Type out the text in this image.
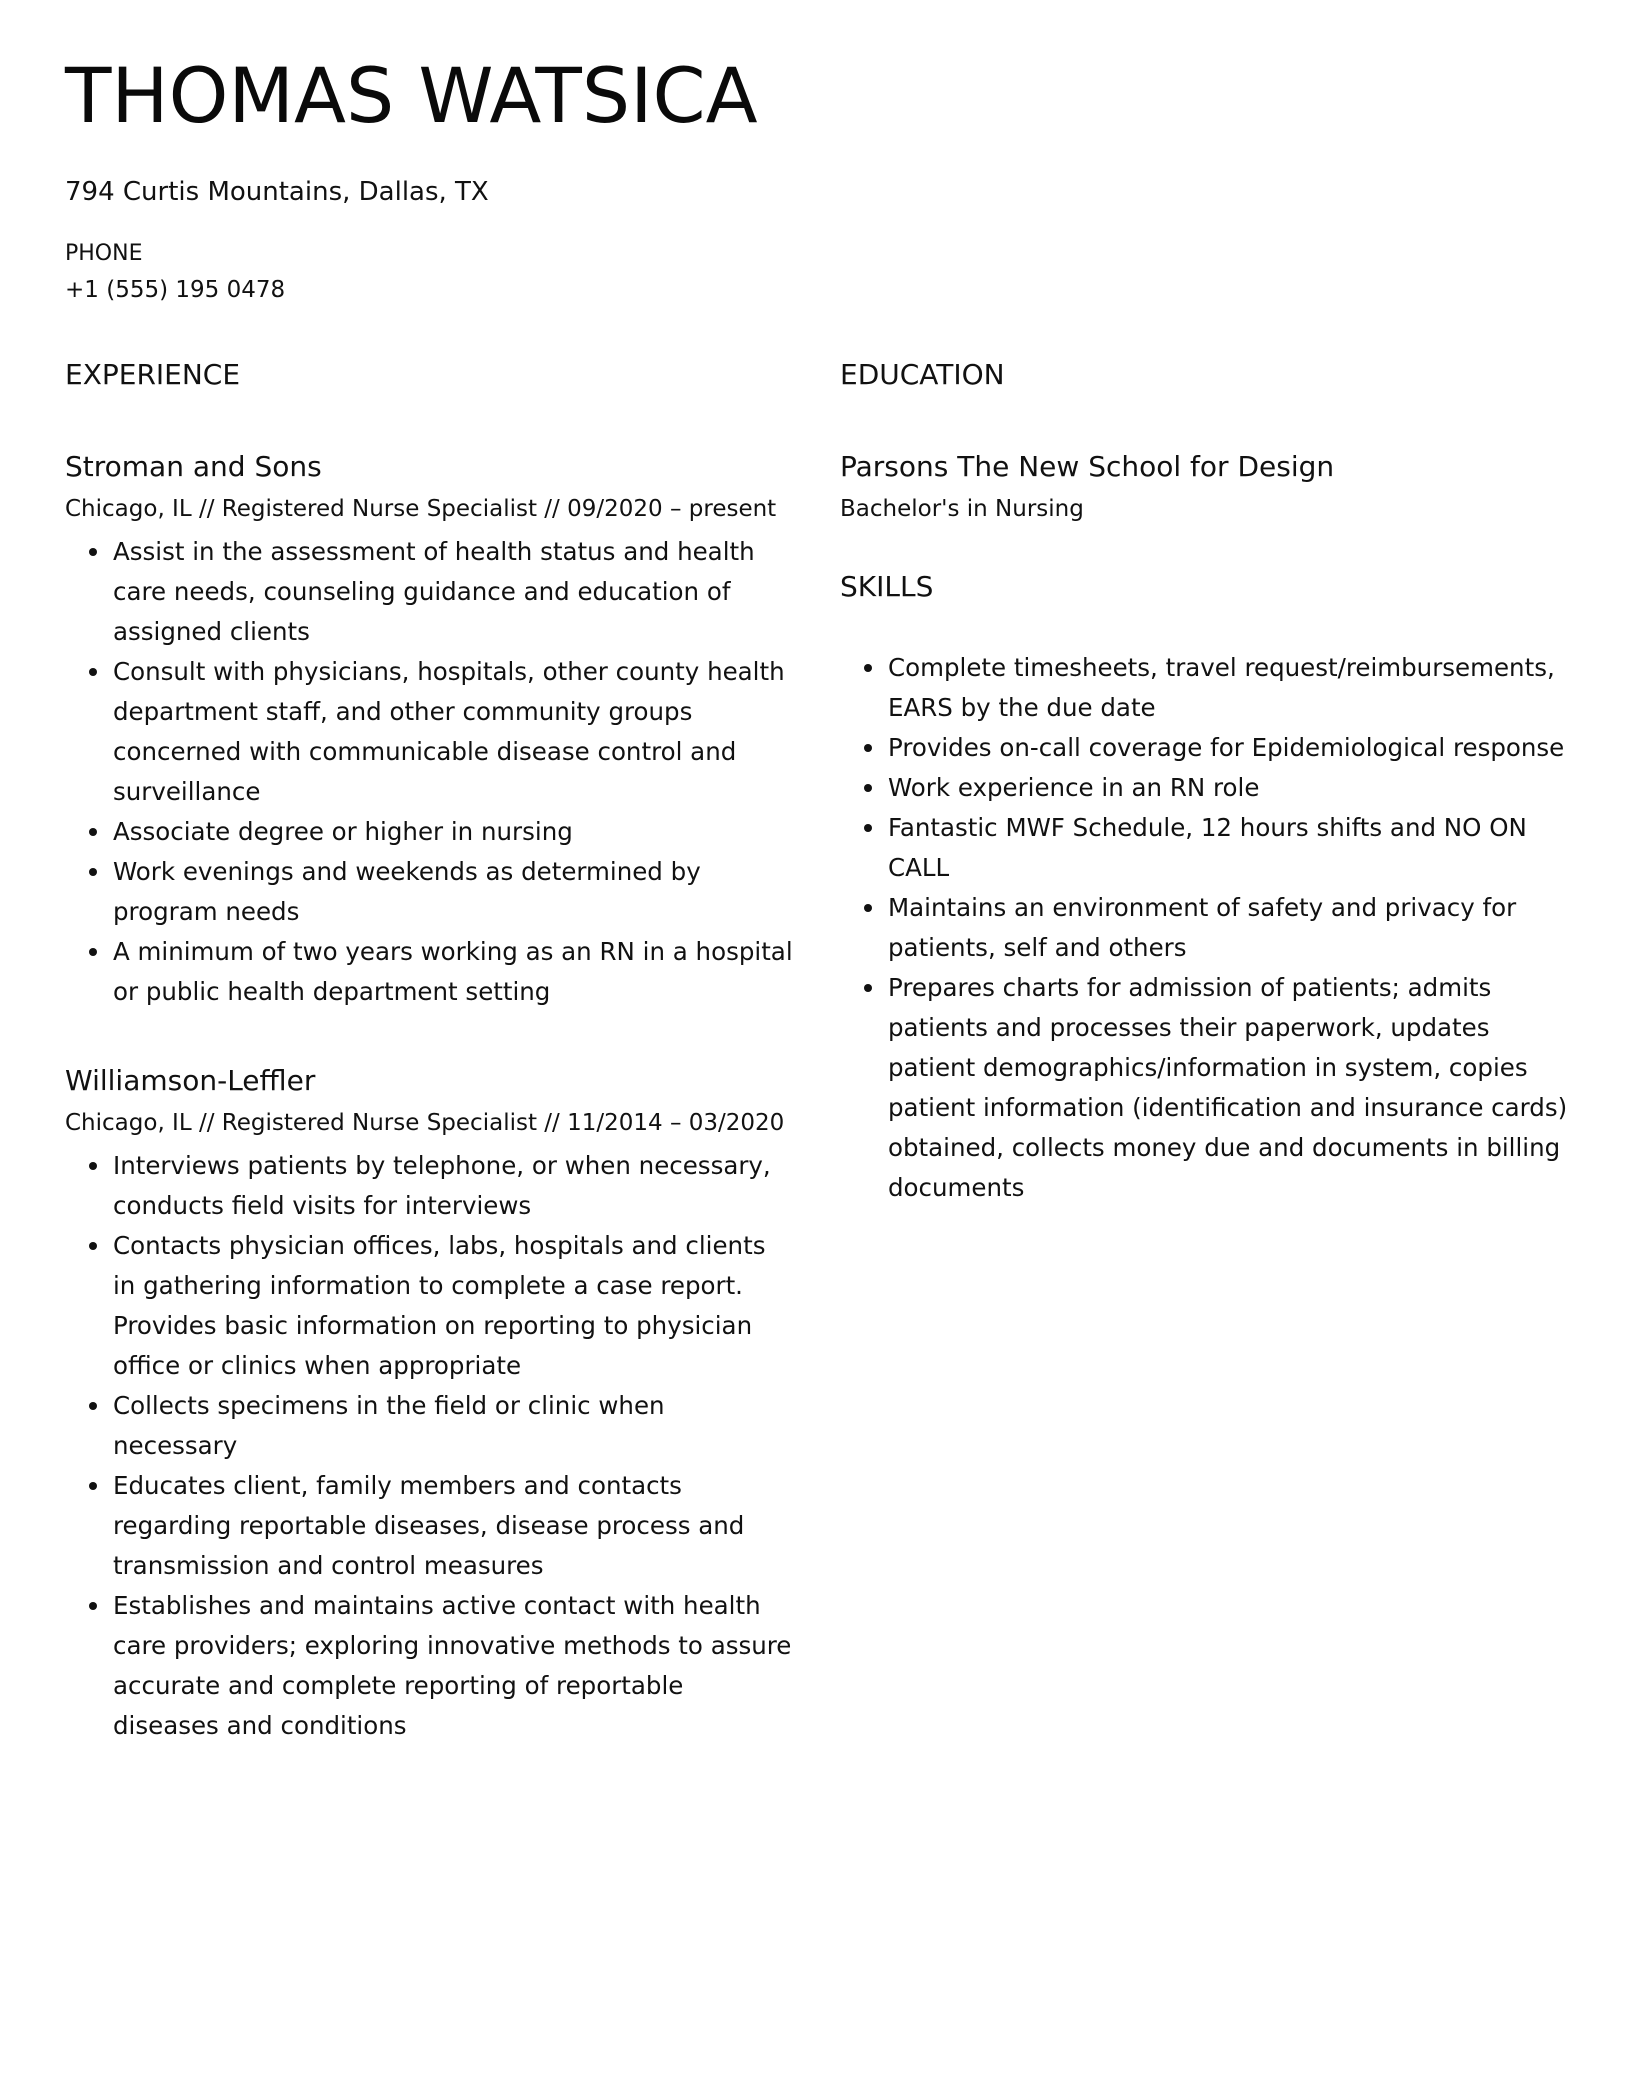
THOMAS WATSICA
794 Curtis Mountains, Dallas, TX
PHONE
+1 (555) 195 0478
EXPERIENCE
Stroman and Sons
Chicago, IL // Registered Nurse Specialist // 09/2020 – present
Assist in the assessment of health status and health care needs, counseling guidance and education of assigned clients
Consult with physicians, hospitals, other county health department staff, and other community groups concerned with communicable disease control and surveillance
Associate degree or higher in nursing
Work evenings and weekends as determined by program needs
A minimum of two years working as an RN in a hospital or public health department setting
Williamson-Leffler
Chicago, IL // Registered Nurse Specialist // 11/2014 – 03/2020
Interviews patients by telephone, or when necessary, conducts field visits for interviews
Contacts physician offices, labs, hospitals and clients in gathering information to complete a case report. Provides basic information on reporting to physician office or clinics when appropriate
Collects specimens in the field or clinic when necessary
Educates client, family members and contacts regarding reportable diseases, disease process and transmission and control measures
Establishes and maintains active contact with health care providers; exploring innovative methods to assure accurate and complete reporting of reportable diseases and conditions
EDUCATION
Parsons The New School for Design
Bachelor's in Nursing
SKILLS
Complete timesheets, travel request/reimbursements, EARS by the due date
Provides on-call coverage for Epidemiological response
Work experience in an RN role
Fantastic MWF Schedule, 12 hours shifts and NO ON CALL
Maintains an environment of safety and privacy for patients, self and others
Prepares charts for admission of patients; admits patients and processes their paperwork, updates patient demographics/information in system, copies patient information (identification and insurance cards) obtained, collects money due and documents in billing documents
